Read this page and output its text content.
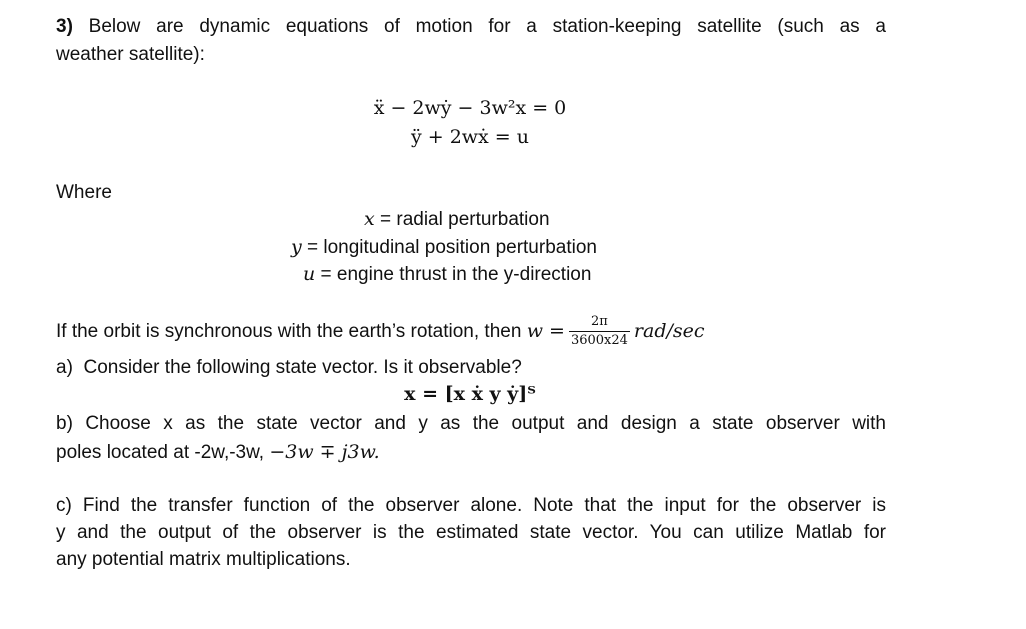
3) Below are dynamic equations of motion for a station-keeping satellite (such as a
weather satellite):
ẍ − 2wẏ − 3w²x = 0
ÿ + 2wẋ = u
Where
x = radial perturbation
y = longitudinal position perturbation
u = engine thrust in the y-direction
If the orbit is synchronous with the earth’s rotation, then $w = \frac{2\pi}{3600x24} rad/\sec$
a) Consider the following state vector. Is it observable?
x = [x ẋ y ẏ]ᵀ
b) Choose x as the state vector and y as the output and design a state observer with
poles located at -2w,-3w, −3w ∓ j3w.
c) Find the transfer function of the observer alone. Note that the input for the observer is
y and the output of the observer is the estimated state vector. You can utilize Matlab for
any potential matrix multiplications.
